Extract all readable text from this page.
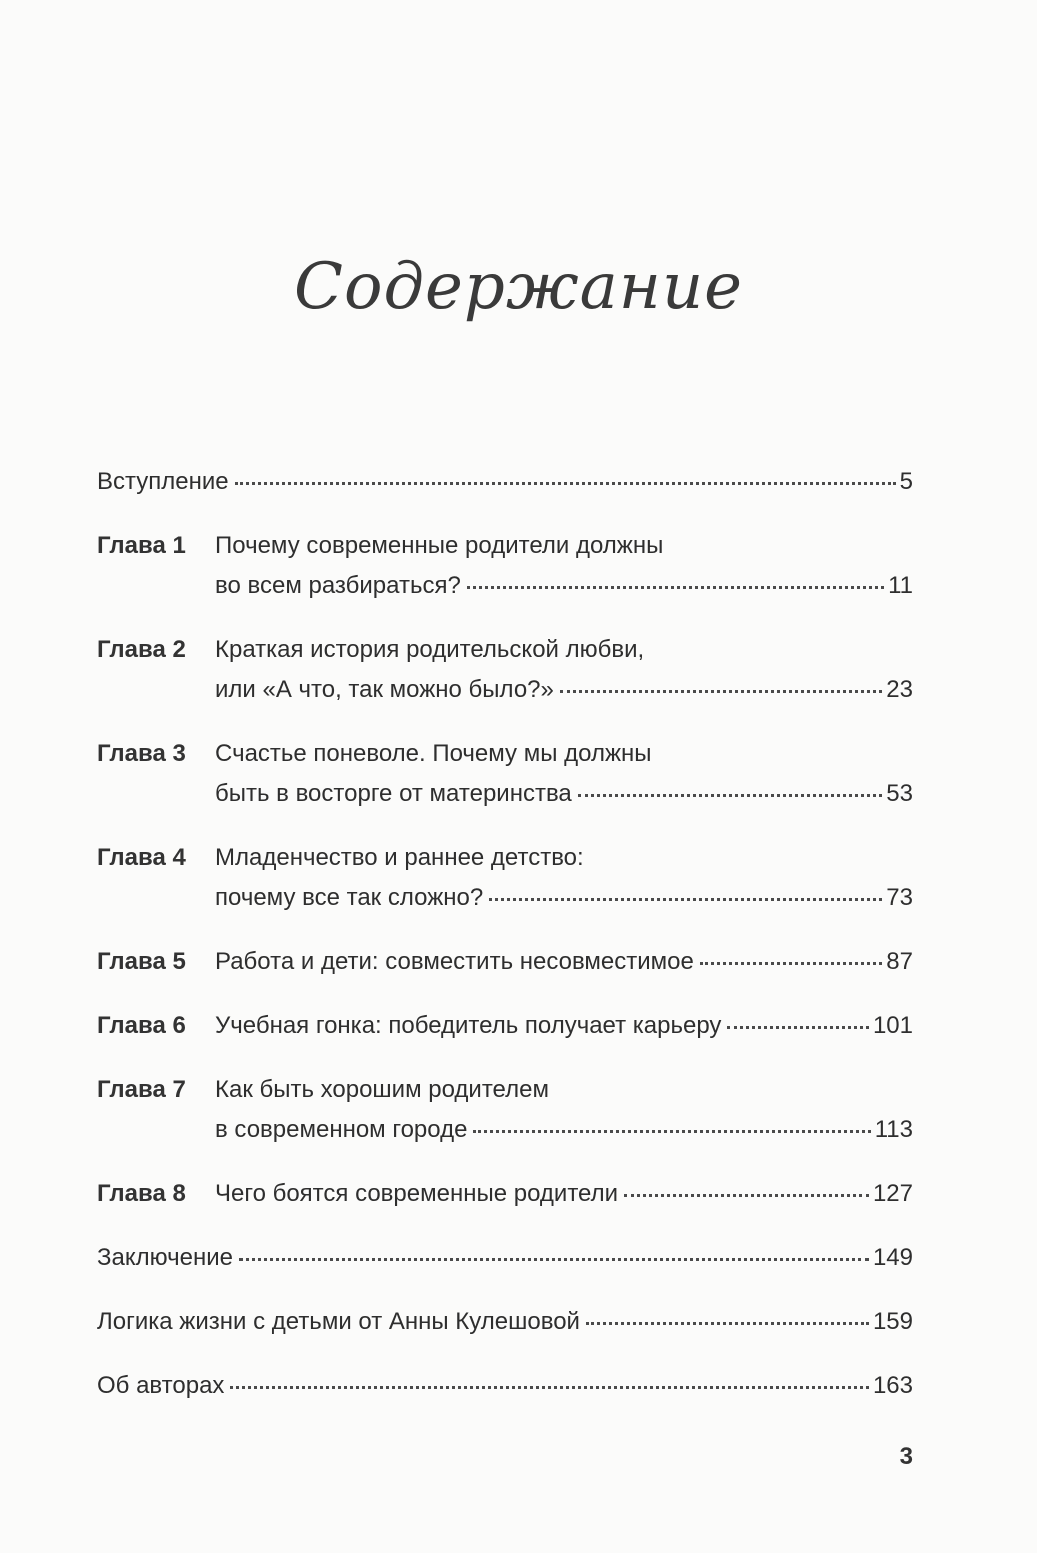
Содержание
Вступление	5
Глава 1 Почему современные родители должны
во всем разбираться?	11
Глава 2 Краткая история родительской любви,
или «А что, так можно было?»	23
Глава 3 Счастье поневоле. Почему мы должны
быть в восторге от материнства	53
Глава 4 Младенчество и раннее детство:
почему все так сложно?	73
Глава 5 Работа и дети: совместить несовместимое	87
Глава 6 Учебная гонка: победитель получает карьеру	101
Глава 7 Как быть хорошим родителем
в современном городе	113
Глава 8 Чего боятся современные родители	127
Заключение	149
Логика жизни с детьми от Анны Кулешовой	159
Об авторах	163
3
